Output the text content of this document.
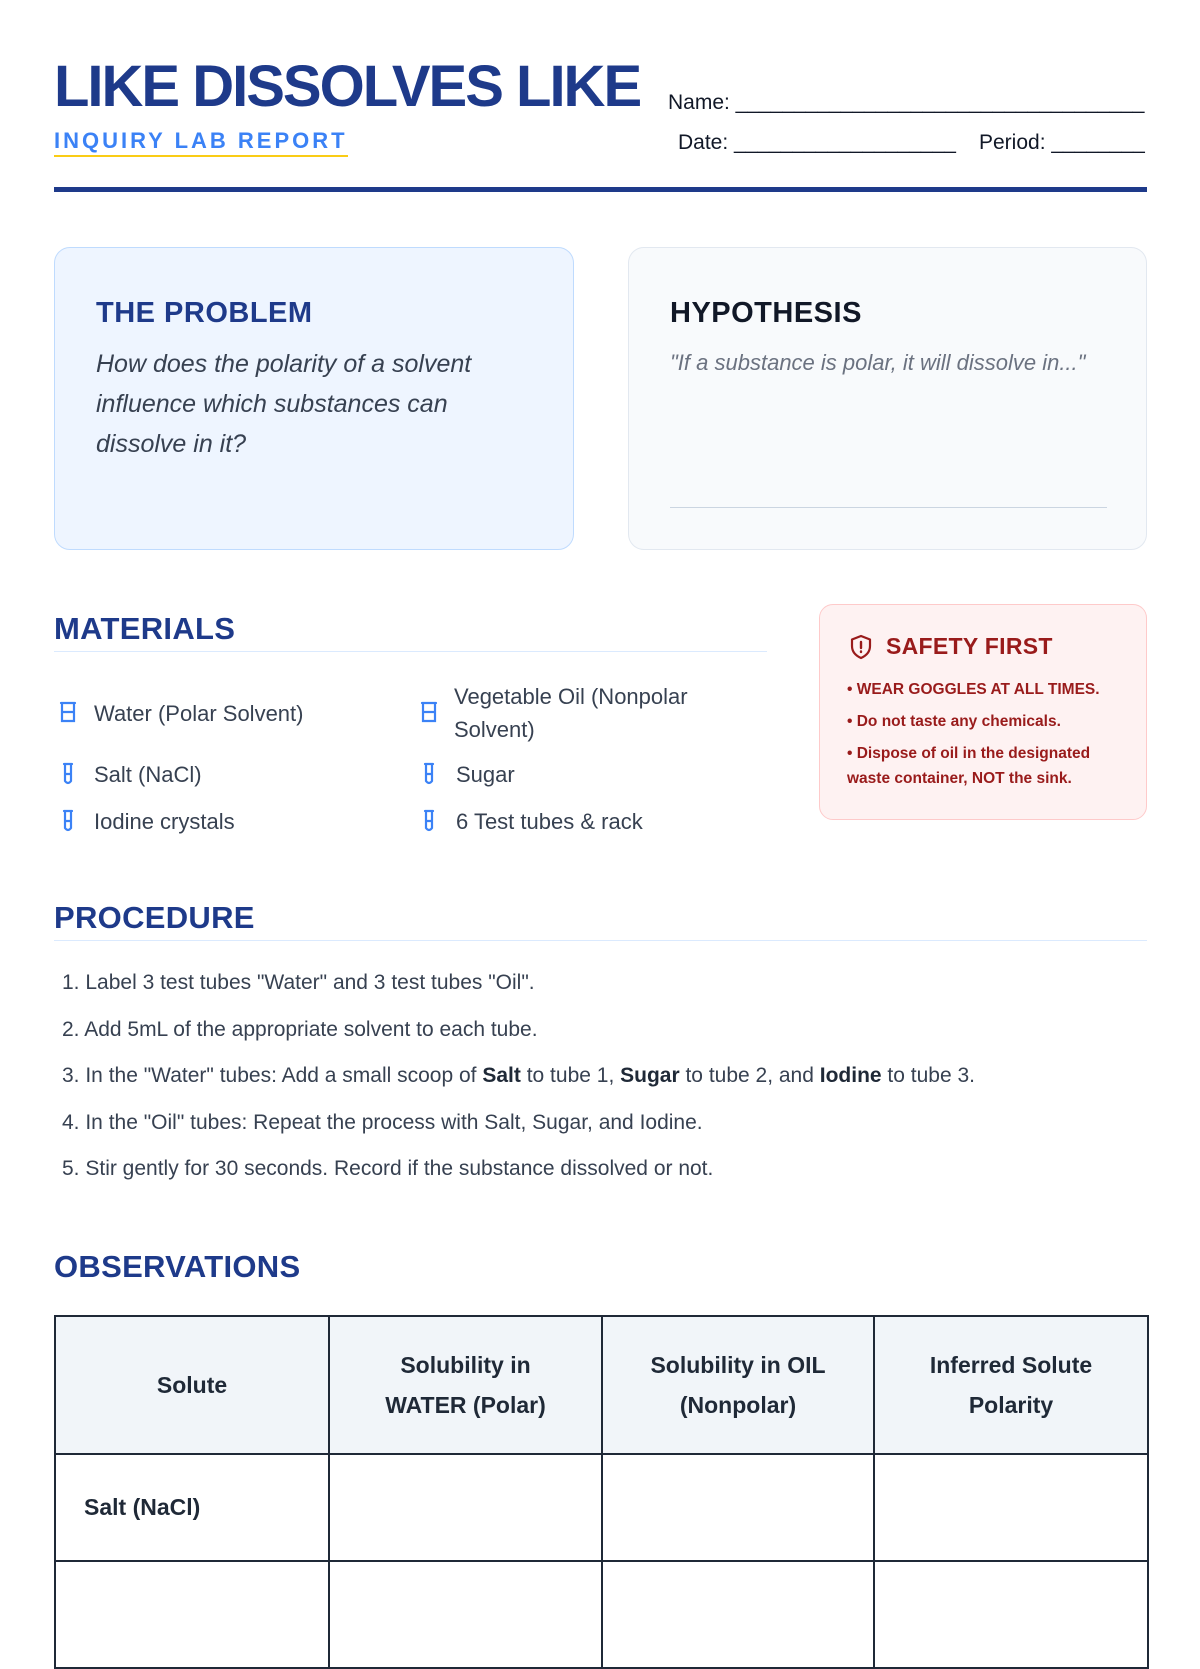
LIKE DISSOLVES LIKE
INQUIRY LAB REPORT
Name: ___________________________________
Date: ___________________ Period: ________
THE PROBLEM
How does the polarity of a solvent influence which substances can dissolve in it?
HYPOTHESIS
"If a substance is polar, it will dissolve in..."
MATERIALS
Water (Polar Solvent)
Vegetable Oil (Nonpolar Solvent)
Salt (NaCl)	Sugar
Iodine crystals	6 Test tubes & rack
SAFETY FIRST
• WEAR GOGGLES AT ALL TIMES.
• Do not taste any chemicals.
• Dispose of oil in the designated waste container, NOT the sink.
PROCEDURE
1. Label 3 test tubes "Water" and 3 test tubes "Oil".
2. Add 5mL of the appropriate solvent to each tube.
3. In the "Water" tubes: Add a small scoop of Salt to tube 1, Sugar to tube 2, and Iodine to tube 3.
4. In the "Oil" tubes: Repeat the process with Salt, Sugar, and Iodine.
5. Stir gently for 30 seconds. Record if the substance dissolved or not.
OBSERVATIONS
Solute	Solubility in WATER (Polar)	Solubility in OIL (Nonpolar)	Inferred Solute Polarity
Salt (NaCl)			
